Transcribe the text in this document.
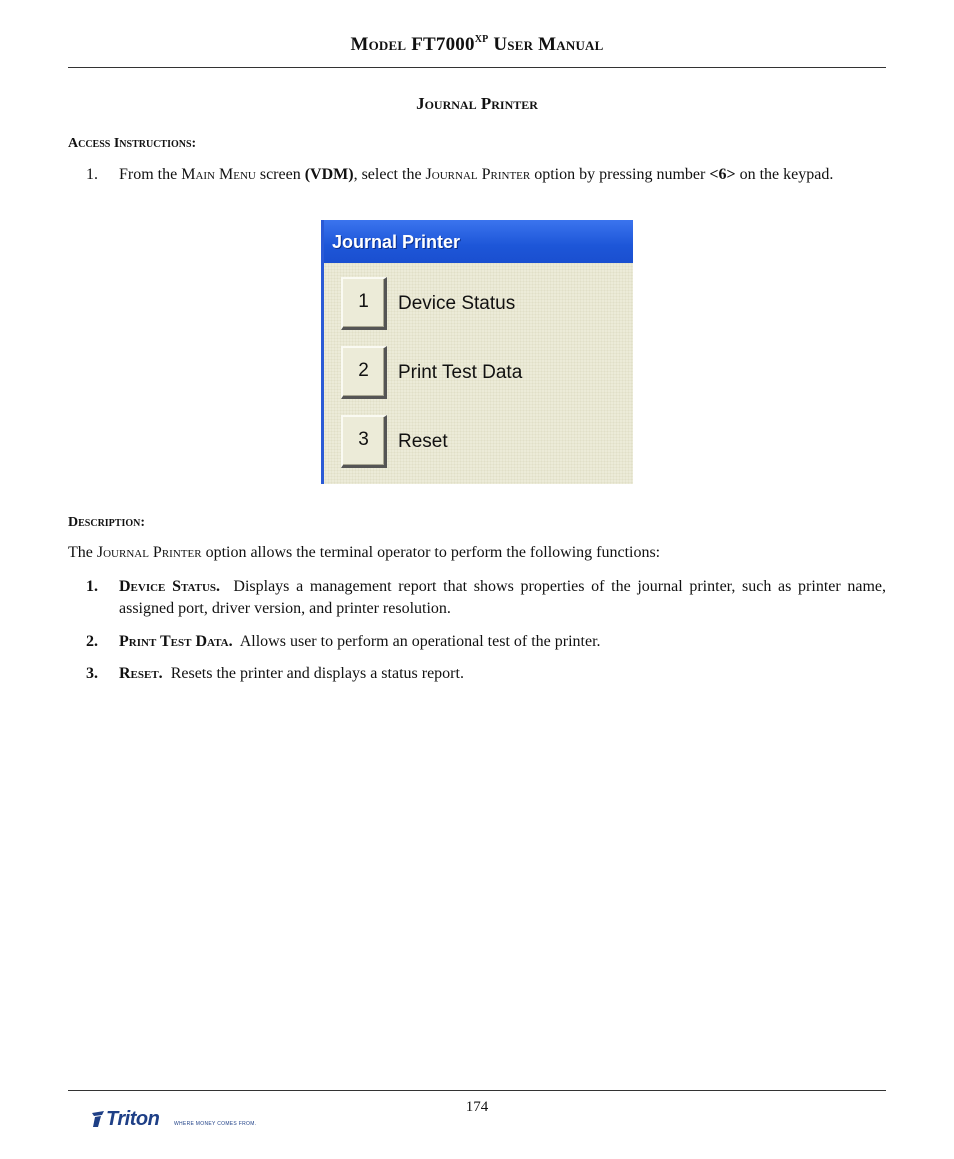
Model $FT7000^{XP}$ User Manual
Journal Printer
Access Instructions:
1. From the Main Menu screen (VDM), select the Journal Printer option by pressing number <6> on the keypad.
Journal Printer
1	Device Status
2	Print Test Data
3	Reset
Description:
The Journal Printer option allows the terminal operator to perform the following functions:
1. Device Status. Displays a management report that shows properties of the journal printer, such as printer name, assigned port, driver version, and printer resolution.
2. Print Test Data. Allows user to perform an operational test of the printer.
3. Reset. Resets the printer and displays a status report.
174
Triton	WHERE MONEY COMES FROM.
